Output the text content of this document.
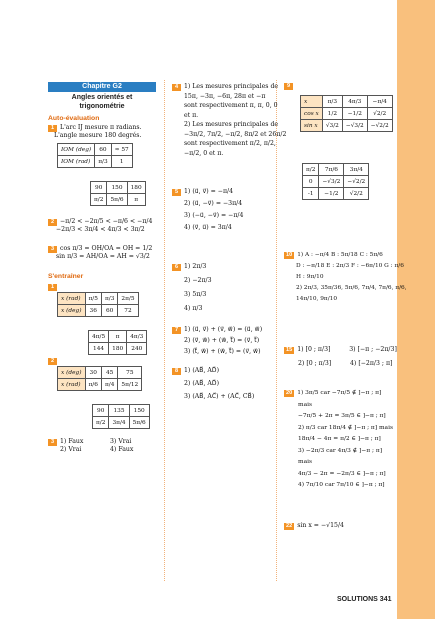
Chapitre G2
Angles orientés et
trigonométrie
Auto-évaluation
1 L'arc IJ mesure π radians.
L'angle mesure 180 degrés.
IOM (deg)	60	≈ 57
IOM (rad)	π/3	1
90	150	180
π/2	5π/6	π
2 −π/2 < −2π/5 < −π/6 < −π/4
−2π/3 < 3π/4 < 4π/3 < 3π/2
3 cos π/3 = OH/OA = OH = 1/2
sin π/3 = AH/OA = AH = √3/2
S'entraîner
1
x (rad)	π/5	π/3	2π/5
x (deg)	36	60	72
4π/5	π	4π/3
144	180	240
2
x (deg)	30	45	75
x (rad)	π/6	π/4	5π/12
90	135	150
π/2	3π/4	5π/6
3 1) Faux	3) Vrai
2) Vrai	4) Faux
4 1) Les mesures principales de
15π, −3π, −6π, 28π et −π
sont respectivement π, π, 0, 0
et π.
2) Les mesures principales de
−3π/2, 7π/2, −π/2, 8π/2 et 26π/2
sont respectivement π/2, π/2,
−π/2, 0 et π.
5 1) (u⃗, v⃗) = −π/4
2) (u⃗, −v⃗) = −3π/4
3) (−u⃗, −v⃗) = −π/4
4) (v⃗, u⃗) = 3π/4
6 1) 2π/3
2) −2π/3
3) 5π/3
4) π/3
7 1) (u⃗, v⃗) + (v⃗, w⃗) = (u⃗, w⃗)
2) (v⃗, w⃗) + (w⃗, t⃗) = (v⃗, t⃗)
3) (t⃗, w⃗) + (w⃗, t⃗) = (v⃗, w⃗)
8 1) (AB⃗, AD⃗)
2) (AB⃗, AD⃗)
3) (AB⃗, AC⃗) + (AC⃗, CB⃗)
9
x	π/3	4π/3	−π/4
cos x	1/2	−1/2	√2/2
sin x	√3/2	−√3/2	−√2/2
π/2	7π/6	3π/4
0	−√3/2	−√2/2
-1	−1/2	√2/2
10 1) A : −π/4 B : 5π/18 C : 5π/6
D : −π/18 E : 2π/3 F : −6π/10 G : π/6
H : 9π/10
2) 2π/3, 35π/36, 5π/6, 7π/4, 7π/6, π/6,
14π/10, 9π/10
15 1) [0 ; π/3]	3) [−π ; −2π/3]
2) [0 ; π/3]	4) [−2π/3 ; π]
20 1) 3π/5 car −7π/5 ∉ ]−π ; π]
mais
−7π/5 + 2π = 3π/5 ∈ ]−π ; π]
2) π/3 car 18π/4 ∉ ]−π ; π] mais
18π/4 − 4π = π/2 ∈ ]−π ; π]
3) −2π/3 car 4π/3 ∉ ]−π ; π]
mais
4π/3 − 2π = −2π/3 ∈ ]−π ; π]
4) 7π/10 car 7π/10 ∈ ]−π ; π]
22 sin x = −√15/4
SOLUTIONS 341
